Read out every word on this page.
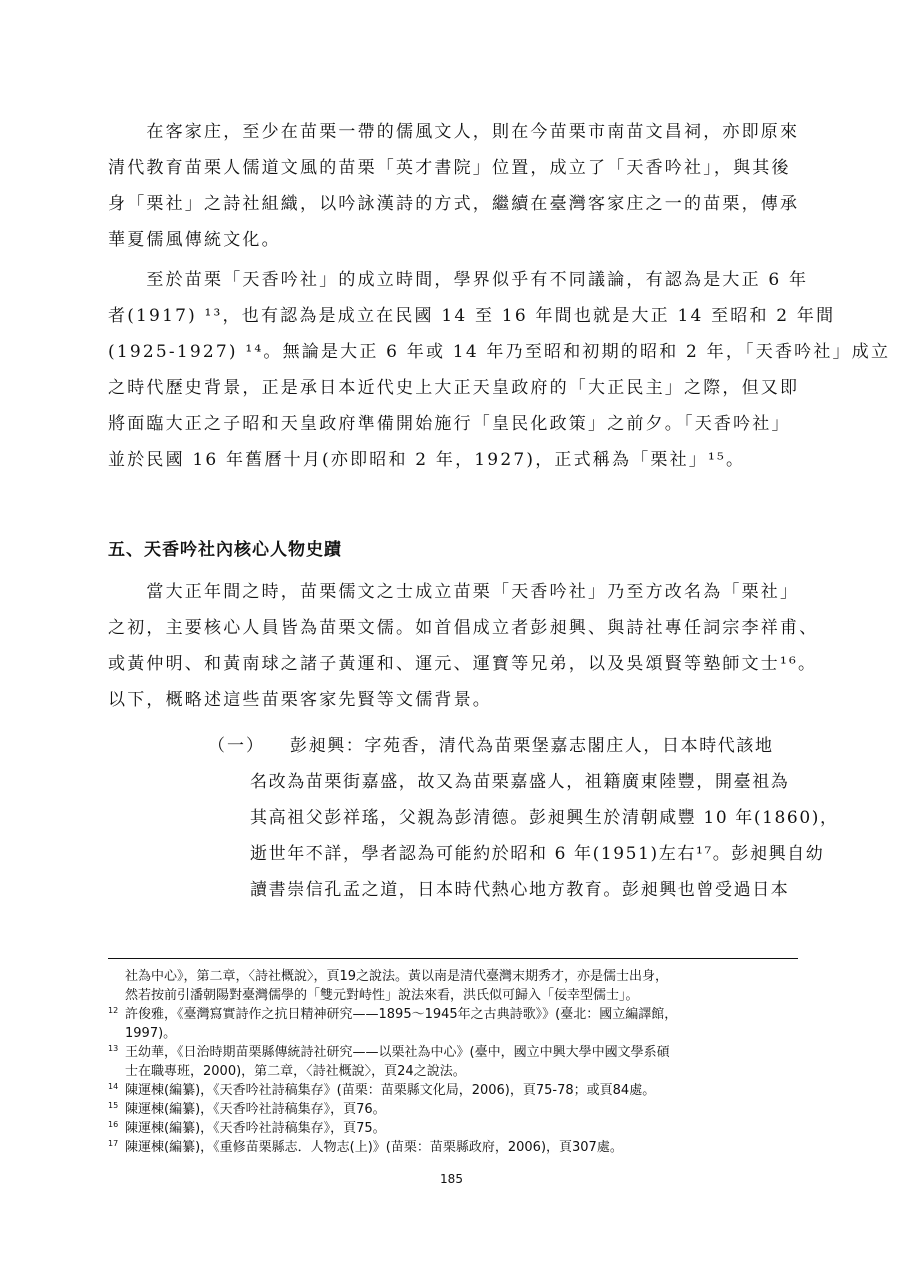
　　在客家庄，至少在苗栗一帶的儒風文人，則在今苗栗市南苗文昌祠，亦即原來
清代教育苗栗人儒道文風的苗栗「英才書院」位置，成立了「天香吟社」，與其後
身「栗社」之詩社組織，以吟詠漢詩的方式，繼續在臺灣客家庄之一的苗栗，傳承
華夏儒風傳統文化。
　　至於苗栗「天香吟社」的成立時間，學界似乎有不同議論，有認為是大正 6 年
者(1917) ¹³，也有認為是成立在民國 14 至 16 年間也就是大正 14 至昭和 2 年間
(1925-1927) ¹⁴。無論是大正 6 年或 14 年乃至昭和初期的昭和 2 年，「天香吟社」成立
之時代歷史背景，正是承日本近代史上大正天皇政府的「大正民主」之際，但又即
將面臨大正之子昭和天皇政府準備開始施行「皇民化政策」之前夕。「天香吟社」
並於民國 16 年舊曆十月(亦即昭和 2 年，1927)，正式稱為「栗社」¹⁵。
五、天香吟社內核心人物史蹟
　　當大正年間之時，苗栗儒文之士成立苗栗「天香吟社」乃至方改名為「栗社」
之初，主要核心人員皆為苗栗文儒。如首倡成立者彭昶興、與詩社專任詞宗李祥甫、
或黃仲明、和黃南球之諸子黃運和、運元、運寶等兄弟，以及吳頌賢等塾師文士¹⁶。
以下，概略述這些苗栗客家先賢等文儒背景。
（一）	彭昶興：字苑香，清代為苗栗堡嘉志閣庄人，日本時代該地
名改為苗栗街嘉盛，故又為苗栗嘉盛人，祖籍廣東陸豐，開臺祖為
其高祖父彭祥瑤，父親為彭清德。彭昶興生於清朝咸豐 10 年(1860)，
逝世年不詳，學者認為可能約於昭和 6 年(1951)左右¹⁷。彭昶興自幼
讀書崇信孔孟之道，日本時代熱心地方教育。彭昶興也曾受過日本
社為中心》，第二章，〈詩社概說〉，頁19之說法。黃以南是清代臺灣末期秀才，亦是儒士出身，
然若按前引潘朝陽對臺灣儒學的「雙元對峙性」說法來看，洪氏似可歸入「佞幸型儒士」。
12 許俊雅，《臺灣寫實詩作之抗日精神研究——1895～1945年之古典詩歌》》(臺北：國立編譯館，
1997)。
13 王幼華，《日治時期苗栗縣傳統詩社研究——以栗社為中心》(臺中，國立中興大學中國文學系碩
士在職專班，2000)，第二章，〈詩社概說〉，頁24之說法。
14 陳運棟(編纂)，《天香吟社詩稿集存》(苗栗：苗栗縣文化局，2006)，頁75-78；或頁84處。
15 陳運棟(編纂)，《天香吟社詩稿集存》，頁76。
16 陳運棟(編纂)，《天香吟社詩稿集存》，頁75。
17 陳運棟(編纂)，《重修苗栗縣志．人物志(上)》(苗栗：苗栗縣政府，2006)，頁307處。
185
